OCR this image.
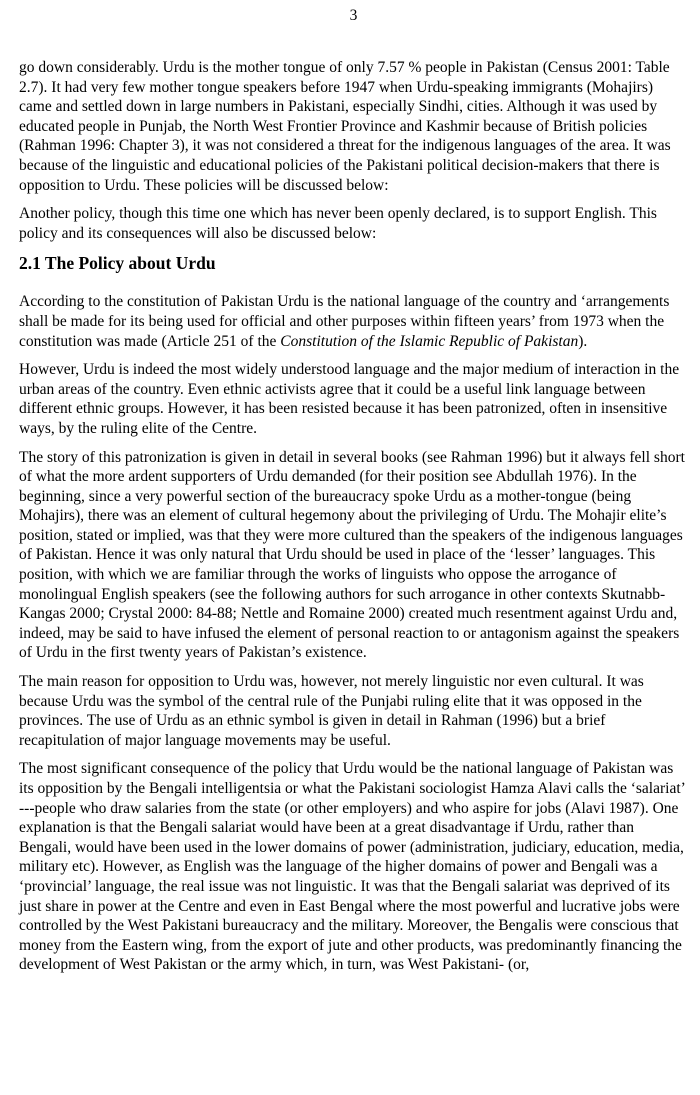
3

go down considerably. Urdu is the mother tongue of only 7.57 % people in Pakistan (Census 2001: Table 2.7). It had very few mother tongue speakers before 1947 when Urdu-speaking immigrants (Mohajirs) came and settled down in large numbers in Pakistani, especially Sindhi, cities. Although it was used by educated people in Punjab, the North West Frontier Province and Kashmir because of British policies (Rahman 1996: Chapter 3), it was not considered a threat for the indigenous languages of the area. It was because of the linguistic and educational policies of the Pakistani political decision-makers that there is opposition to Urdu. These policies will be discussed below:

Another policy, though this time one which has never been openly declared, is to support English. This policy and its consequences will also be discussed below:

2.1 The Policy about Urdu

According to the constitution of Pakistan Urdu is the national language of the country and ‘arrangements shall be made for its being used for official and other purposes within fifteen years’ from 1973 when the constitution was made (Article 251 of the Constitution of the Islamic Republic of Pakistan).

However, Urdu is indeed the most widely understood language and the major medium of interaction in the urban areas of the country. Even ethnic activists agree that it could be a useful link language between different ethnic groups. However, it has been resisted because it has been patronized, often in insensitive ways, by the ruling elite of the Centre.

The story of this patronization is given in detail in several books (see Rahman 1996) but it always fell short of what the more ardent supporters of Urdu demanded (for their position see Abdullah 1976). In the beginning, since a very powerful section of the bureaucracy spoke Urdu as a mother-tongue (being Mohajirs), there was an element of cultural hegemony about the privileging of Urdu. The Mohajir elite’s position, stated or implied, was that they were more cultured than the speakers of the indigenous languages of Pakistan. Hence it was only natural that Urdu should be used in place of the ‘lesser’ languages. This position, with which we are familiar through the works of linguists who oppose the arrogance of monolingual English speakers (see the following authors for such arrogance in other contexts Skutnabb-Kangas 2000; Crystal 2000: 84-88; Nettle and Romaine 2000) created much resentment against Urdu and, indeed, may be said to have infused the element of personal reaction to or antagonism against the speakers of Urdu in the first twenty years of Pakistan’s existence.

The main reason for opposition to Urdu was, however, not merely linguistic nor even cultural. It was because Urdu was the symbol of the central rule of the Punjabi ruling elite that it was opposed in the provinces. The use of Urdu as an ethnic symbol is given in detail in Rahman (1996) but a brief recapitulation of major language movements may be useful.

The most significant consequence of the policy that Urdu would be the national language of Pakistan was its opposition by the Bengali intelligentsia or what the Pakistani sociologist Hamza Alavi calls the ‘salariat’ ---people who draw salaries from the state (or other employers) and who aspire for jobs (Alavi 1987). One explanation is that the Bengali salariat would have been at a great disadvantage if Urdu, rather than Bengali, would have been used in the lower domains of power (administration, judiciary, education, media, military etc). However, as English was the language of the higher domains of power and Bengali was a ‘provincial’ language, the real issue was not linguistic. It was that the Bengali salariat was deprived of its just share in power at the Centre and even in East Bengal where the most powerful and lucrative jobs were controlled by the West Pakistani bureaucracy and the military. Moreover, the Bengalis were conscious that money from the Eastern wing, from the export of jute and other products, was predominantly financing the development of West Pakistan or the army which, in turn, was West Pakistani- (or,
